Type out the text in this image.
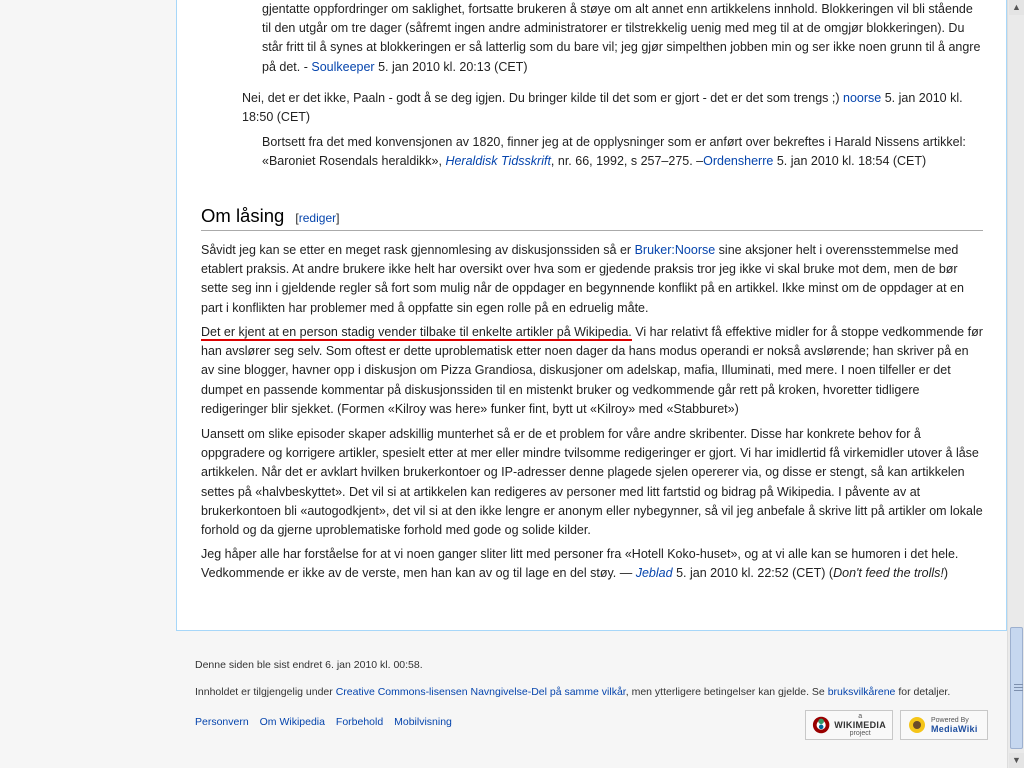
gjentatte oppfordringer om saklighet, fortsatte brukeren å støye om alt annet enn artikkelens innhold. Blokkeringen vil bli stående til den utgår om tre dager (såfremt ingen andre administratorer er tilstrekkelig uenig med meg til at de omgjør blokkeringen). Du står fritt til å synes at blokkeringen er så latterlig som du bare vil; jeg gjør simpelthen jobben min og ser ikke noen grunn til å angre på det. - Soulkeeper 5. jan 2010 kl. 20:13 (CET)

Nei, det er det ikke, Paaln - godt å se deg igjen. Du bringer kilde til det som er gjort - det er det som trengs ;) noorse 5. jan 2010 kl. 18:50 (CET)

Bortsett fra det med konvensjonen av 1820, finner jeg at de opplysninger som er anført over bekreftes i Harald Nissens artikkel: «Baroniet Rosendals heraldikk», Heraldisk Tidsskrift, nr. 66, 1992, s 257–275. –Ordensherre 5. jan 2010 kl. 18:54 (CET)

Om låsing [rediger]

Såvidt jeg kan se etter en meget rask gjennomlesing av diskusjonssiden så er Bruker:Noorse sine aksjoner helt i overensstemmelse med etablert praksis. At andre brukere ikke helt har oversikt over hva som er gjedende praksis tror jeg ikke vi skal bruke mot dem, men de bør sette seg inn i gjeldende regler så fort som mulig når de oppdager en begynnende konflikt på en artikkel. Ikke minst om de oppdager at en part i konflikten har problemer med å oppfatte sin egen rolle på en edruelig måte.

Det er kjent at en person stadig vender tilbake til enkelte artikler på Wikipedia. Vi har relativt få effektive midler for å stoppe vedkommende før han avslører seg selv. Som oftest er dette uproblematisk etter noen dager da hans modus operandi er nokså avslørende; han skriver på en av sine blogger, havner opp i diskusjon om Pizza Grandiosa, diskusjoner om adelskap, mafia, Illuminati, med mere. I noen tilfeller er det dumpet en passende kommentar på diskusjonssiden til en mistenkt bruker og vedkommende går rett på kroken, hvoretter tidligere redigeringer blir sjekket. (Formen «Kilroy was here» funker fint, bytt ut «Kilroy» med «Stabburet»)

Uansett om slike episoder skaper adskillig munterhet så er de et problem for våre andre skribenter. Disse har konkrete behov for å oppgradere og korrigere artikler, spesielt etter at mer eller mindre tvilsomme redigeringer er gjort. Vi har imidlertid få virkemidler utover å låse artikkelen. Når det er avklart hvilken brukerkontoer og IP-adresser denne plagede sjelen opererer via, og disse er stengt, så kan artikkelen settes på «halvbeskyttet». Det vil si at artikkelen kan redigeres av personer med litt fartstid og bidrag på Wikipedia. I påvente av at brukerkontoen bli «autogodkjent», det vil si at den ikke lengre er anonym eller nybegynner, så vil jeg anbefale å skrive litt på artikler om lokale forhold og da gjerne uproblematiske forhold med gode og solide kilder.

Jeg håper alle har forståelse for at vi noen ganger sliter litt med personer fra «Hotell Koko-huset», og at vi alle kan se humoren i det hele. Vedkommende er ikke av de verste, men han kan av og til lage en del støy. — Jeblad 5. jan 2010 kl. 22:52 (CET) (Don't feed the trolls!)

Denne siden ble sist endret 6. jan 2010 kl. 00:58.
Innholdet er tilgjengelig under Creative Commons-lisensen Navngivelse-Del på samme vilkår, men ytterligere betingelser kan gjelde. Se bruksvilkårene for detaljer.
Personvern Om Wikipedia Forbehold Mobilvisning	a
WIKIMEDIA
project
Powered By
MediaWiki
▲
▼
